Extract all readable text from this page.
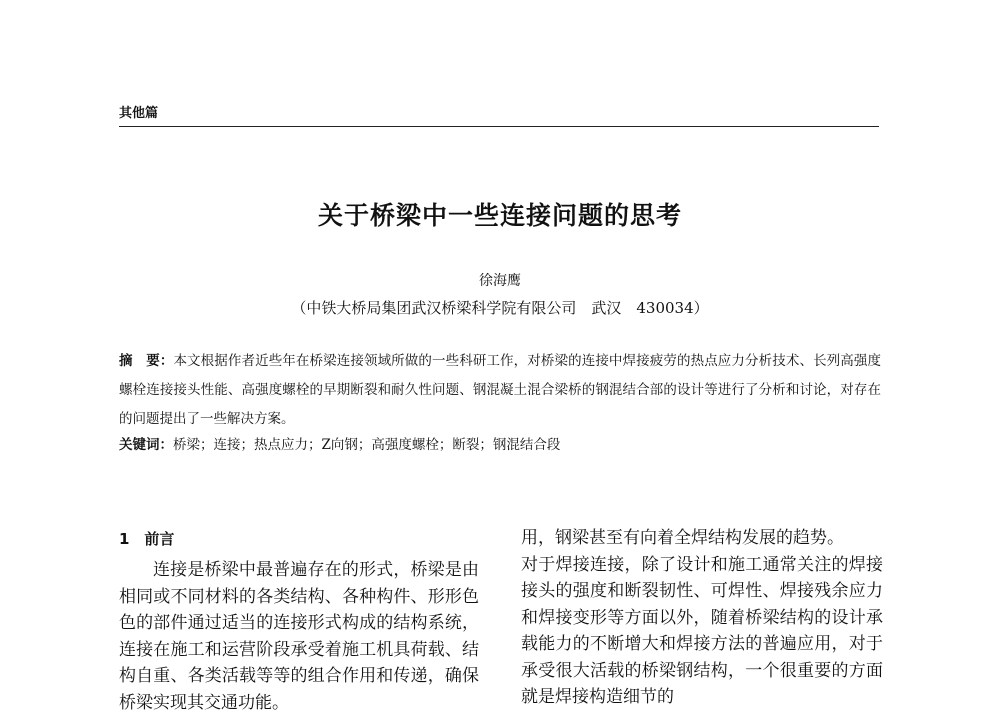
其他篇
关于桥梁中一些连接问题的思考
徐海鹰
（中铁大桥局集团武汉桥梁科学院有限公司　武汉　430034）
摘　要：本文根据作者近些年在桥梁连接领域所做的一些科研工作，对桥梁的连接中焊接疲劳的热点应力分析技术、长列高强度螺栓连接接头性能、高强度螺栓的早期断裂和耐久性问题、钢混凝土混合梁桥的钢混结合部的设计等进行了分析和讨论，对存在的问题提出了一些解决方案。
关键词：桥梁；连接；热点应力；Z向钢；高强度螺栓；断裂；钢混结合段
1　前言
连接是桥梁中最普遍存在的形式，桥梁是由相同或不同材料的各类结构、各种构件、形形色色的部件通过适当的连接形式构成的结构系统，连接在施工和运营阶段承受着施工机具荷载、结构自重、各类活载等等的组合作用和传递，确保桥梁实现其交通功能。
用，钢梁甚至有向着全焊结构发展的趋势。
对于焊接连接，除了设计和施工通常关注的焊接接头的强度和断裂韧性、可焊性、焊接残余应力和焊接变形等方面以外，随着桥梁结构的设计承载能力的不断增大和焊接方法的普遍应用，对于承受很大活载的桥梁钢结构，一个很重要的方面就是焊接构造细节的
